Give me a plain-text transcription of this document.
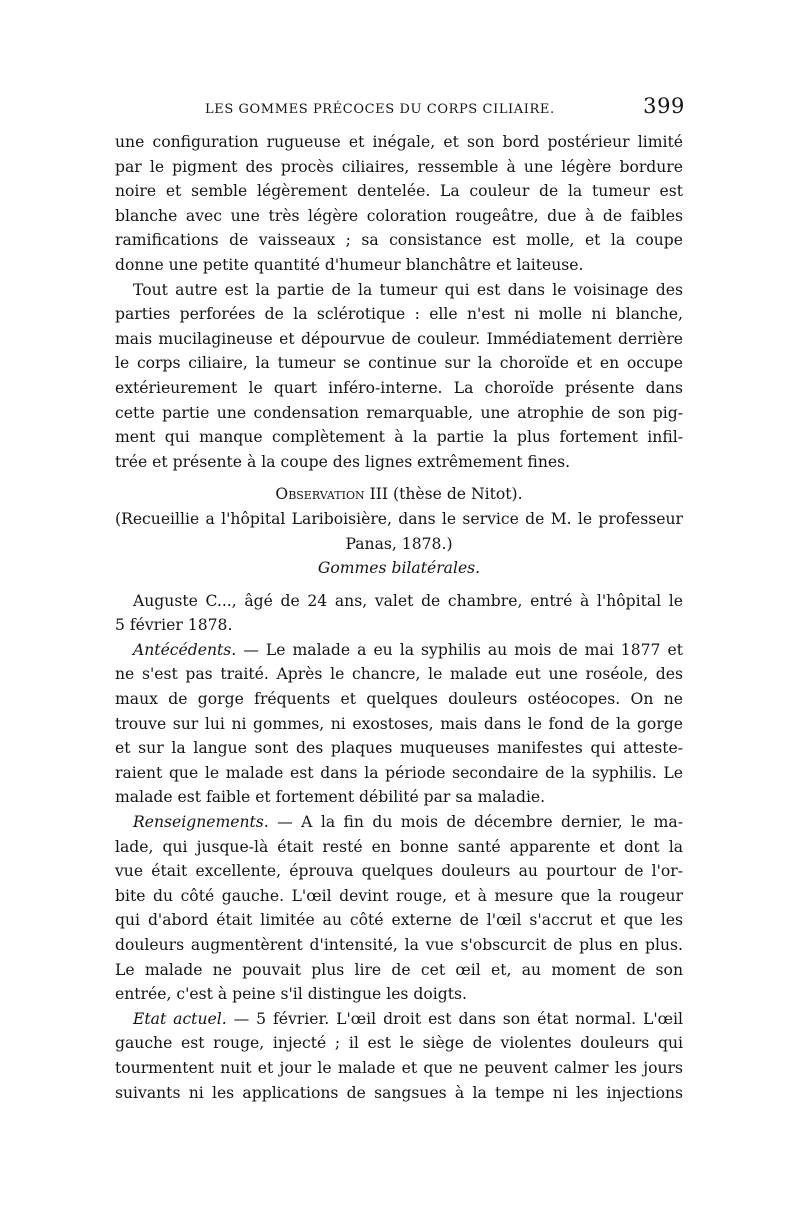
LES GOMMES PRÉCOCES DU CORPS CILIAIRE.	399
une configuration rugueuse et inégale, et son bord postérieur limité
par le pigment des procès ciliaires, ressemble à une légère bordure
noire et semble légèrement dentelée. La couleur de la tumeur est
blanche avec une très légère coloration rougeâtre, due à de faibles
ramifications de vaisseaux ; sa consistance est molle, et la coupe
donne une petite quantité d'humeur blanchâtre et laiteuse.
Tout autre est la partie de la tumeur qui est dans le voisinage des
parties perforées de la sclérotique : elle n'est ni molle ni blanche,
mais mucilagineuse et dépourvue de couleur. Immédiatement derrière
le corps ciliaire, la tumeur se continue sur la choroïde et en occupe
extérieurement le quart inféro-interne. La choroïde présente dans
cette partie une condensation remarquable, une atrophie de son pig-
ment qui manque complètement à la partie la plus fortement infil-
trée et présente à la coupe des lignes extrêmement fines.
Observation III (thèse de Nitot).
(Recueillie a l'hôpital Lariboisière, dans le service de M. le professeur
Panas, 1878.)
Gommes bilatérales.
Auguste C..., âgé de 24 ans, valet de chambre, entré à l'hôpital le
5 février 1878.
Antécédents. — Le malade a eu la syphilis au mois de mai 1877 et
ne s'est pas traité. Après le chancre, le malade eut une roséole, des
maux de gorge fréquents et quelques douleurs ostéocopes. On ne
trouve sur lui ni gommes, ni exostoses, mais dans le fond de la gorge
et sur la langue sont des plaques muqueuses manifestes qui atteste-
raient que le malade est dans la période secondaire de la syphilis. Le
malade est faible et fortement débilité par sa maladie.
Renseignements. — A la fin du mois de décembre dernier, le ma-
lade, qui jusque-là était resté en bonne santé apparente et dont la
vue était excellente, éprouva quelques douleurs au pourtour de l'or-
bite du côté gauche. L'œil devint rouge, et à mesure que la rougeur
qui d'abord était limitée au côté externe de l'œil s'accrut et que les
douleurs augmentèrent d'intensité, la vue s'obscurcit de plus en plus.
Le malade ne pouvait plus lire de cet œil et, au moment de son
entrée, c'est à peine s'il distingue les doigts.
Etat actuel. — 5 février. L'œil droit est dans son état normal. L'œil
gauche est rouge, injecté ; il est le siège de violentes douleurs qui
tourmentent nuit et jour le malade et que ne peuvent calmer les jours
suivants ni les applications de sangsues à la tempe ni les injections
